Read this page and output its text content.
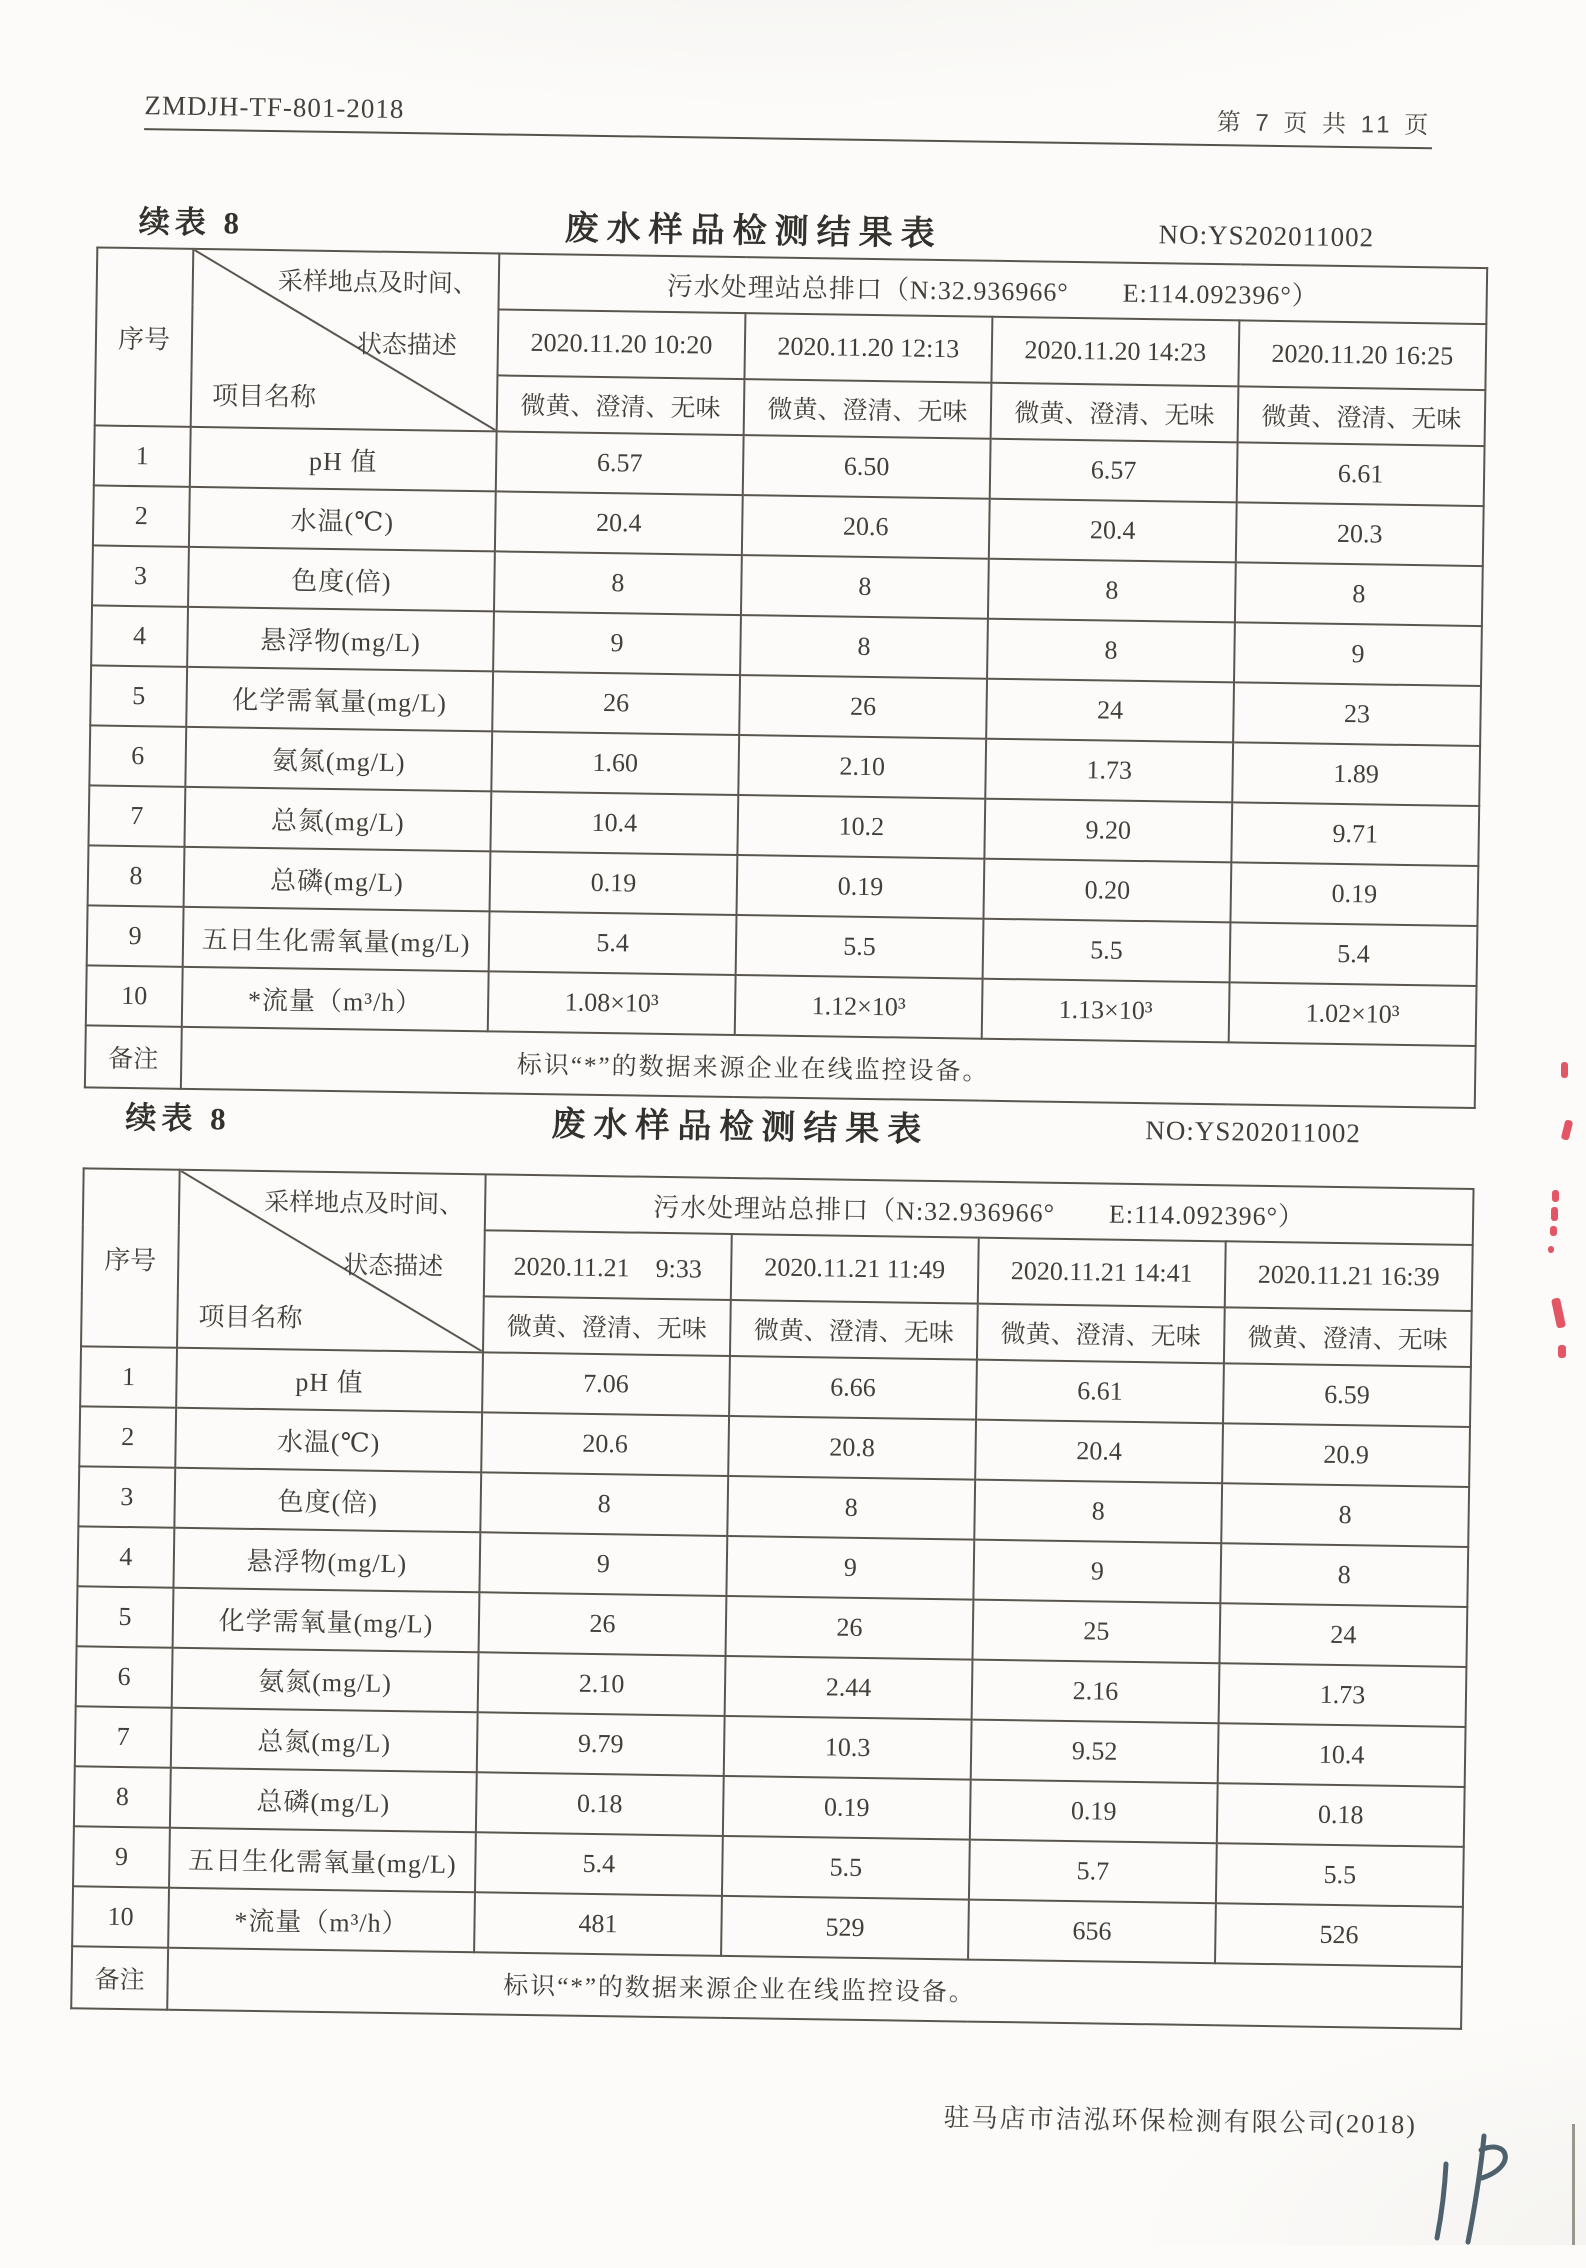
ZMDJH-TF-801-2018
第 7 页 共 11 页
续表 8	废水样品检测结果表	NO:YS202011002
序号	采样地点及时间、
状态描述
项目名称	污水处理站总排口（N:32.936966°　　E:114.092396°）			
		2020.11.20 10:20	2020.11.20 12:13	2020.11.20 14:23	2020.11.20 16:25
		微黄、澄清、无味	微黄、澄清、无味	微黄、澄清、无味	微黄、澄清、无味
1	pH 值	6.57	6.50	6.57	6.61
2	水温(℃)	20.4	20.6	20.4	20.3
3	色度(倍)	8	8	8	8
4	悬浮物(mg/L)	9	8	8	9
5	化学需氧量(mg/L)	26	26	24	23
6	氨氮(mg/L)	1.60	2.10	1.73	1.89
7	总氮(mg/L)	10.4	10.2	9.20	9.71
8	总磷(mg/L)	0.19	0.19	0.20	0.19
9	五日生化需氧量(mg/L)	5.4	5.5	5.5	5.4
10	*流量（m³/h）	1.08×10³	1.12×10³	1.13×10³	1.02×10³
备注	标识“*”的数据来源企业在线监控设备。				
续表 8	废水样品检测结果表	NO:YS202011002
序号	采样地点及时间、
状态描述
项目名称	污水处理站总排口（N:32.936966°　　E:114.092396°）			
		2020.11.21　9:33	2020.11.21 11:49	2020.11.21 14:41	2020.11.21 16:39
		微黄、澄清、无味	微黄、澄清、无味	微黄、澄清、无味	微黄、澄清、无味
1	pH 值	7.06	6.66	6.61	6.59
2	水温(℃)	20.6	20.8	20.4	20.9
3	色度(倍)	8	8	8	8
4	悬浮物(mg/L)	9	9	9	8
5	化学需氧量(mg/L)	26	26	25	24
6	氨氮(mg/L)	2.10	2.44	2.16	1.73
7	总氮(mg/L)	9.79	10.3	9.52	10.4
8	总磷(mg/L)	0.18	0.19	0.19	0.18
9	五日生化需氧量(mg/L)	5.4	5.5	5.7	5.5
10	*流量（m³/h）	481	529	656	526
备注	标识“*”的数据来源企业在线监控设备。				
驻马店市洁泓环保检测有限公司(2018)
